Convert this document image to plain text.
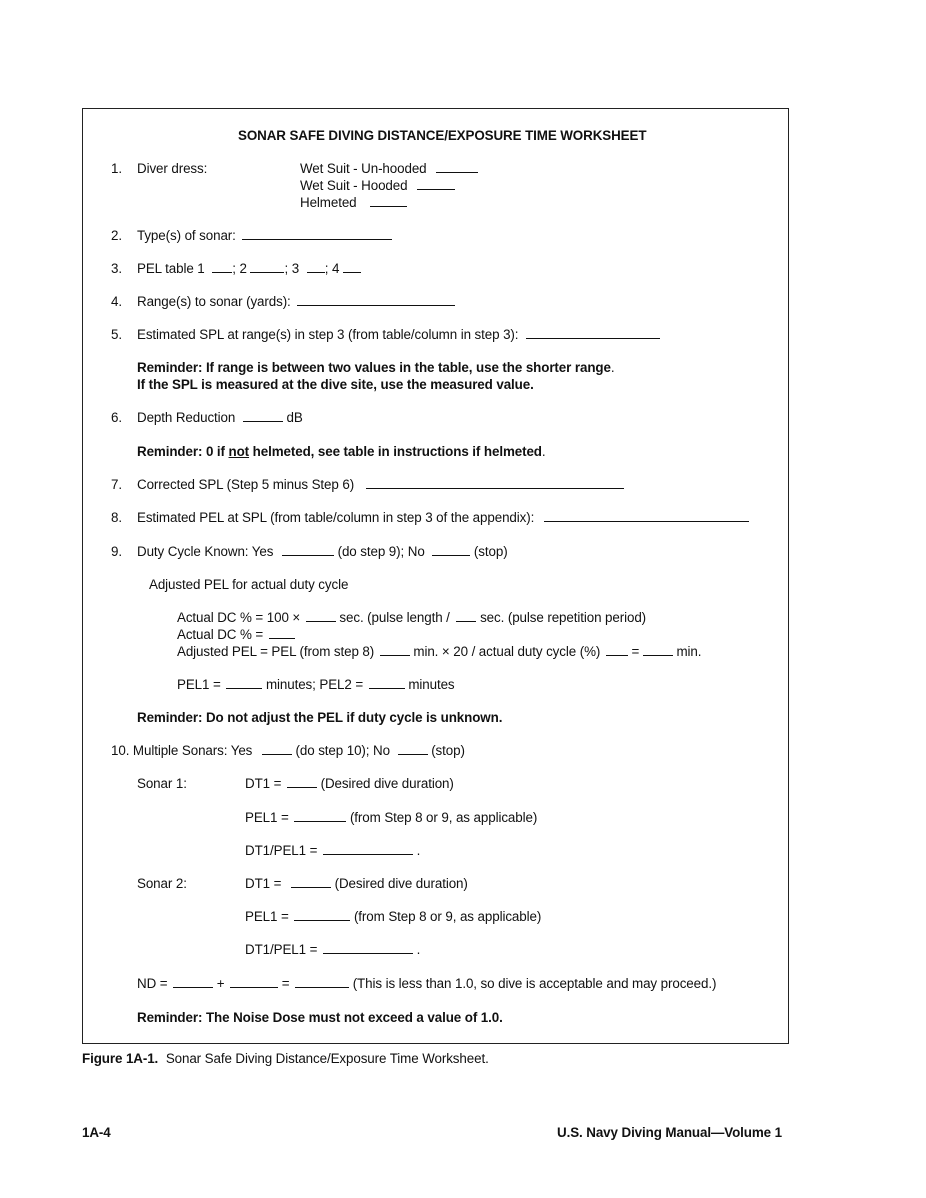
SONAR SAFE DIVING DISTANCE/EXPOSURE TIME WORKSHEET
1. Diver dress:	Wet Suit - Un-hooded
Wet Suit - Hooded
Helmeted
2. Type(s) of sonar:
3. PEL table 1 ; 2	; 3 ; 4
4. Range(s) to sonar (yards):
5. Estimated SPL at range(s) in step 3 (from table/column in step 3):
Reminder: If range is between two values in the table, use the shorter range.
If the SPL is measured at the dive site, use the measured value.
6. Depth Reduction	dB
Reminder: 0 if not helmeted, see table in instructions if helmeted.
7. Corrected SPL (Step 5 minus Step 6)
8. Estimated PEL at SPL (from table/column in step 3 of the appendix):
9. Duty Cycle Known: Yes	(do step 9); No	(stop)
Adjusted PEL for actual duty cycle
Actual DC % = 100 ×	sec. (pulse length / sec. (pulse repetition period)
Actual DC % =
Adjusted PEL = PEL (from step 8)	min. × 20 / actual duty cycle (%) =	min.
PEL1 =	minutes; PEL2 =	minutes
Reminder: Do not adjust the PEL if duty cycle is unknown.
10. Multiple Sonars: Yes	(do step 10); No	(stop)
Sonar 1:	DT1 =	(Desired dive duration)
PEL1 =	(from Step 8 or 9, as applicable)
DT1/PEL1 =	.
Sonar 2:	DT1 =	(Desired dive duration)
PEL1 =	(from Step 8 or 9, as applicable)
DT1/PEL1 =	.
ND =	+	=	(This is less than 1.0, so dive is acceptable and may proceed.)
Reminder: The Noise Dose must not exceed a value of 1.0.
Figure 1A-1. Sonar Safe Diving Distance/Exposure Time Worksheet.
1A-4	U.S. Navy Diving Manual—Volume 1
